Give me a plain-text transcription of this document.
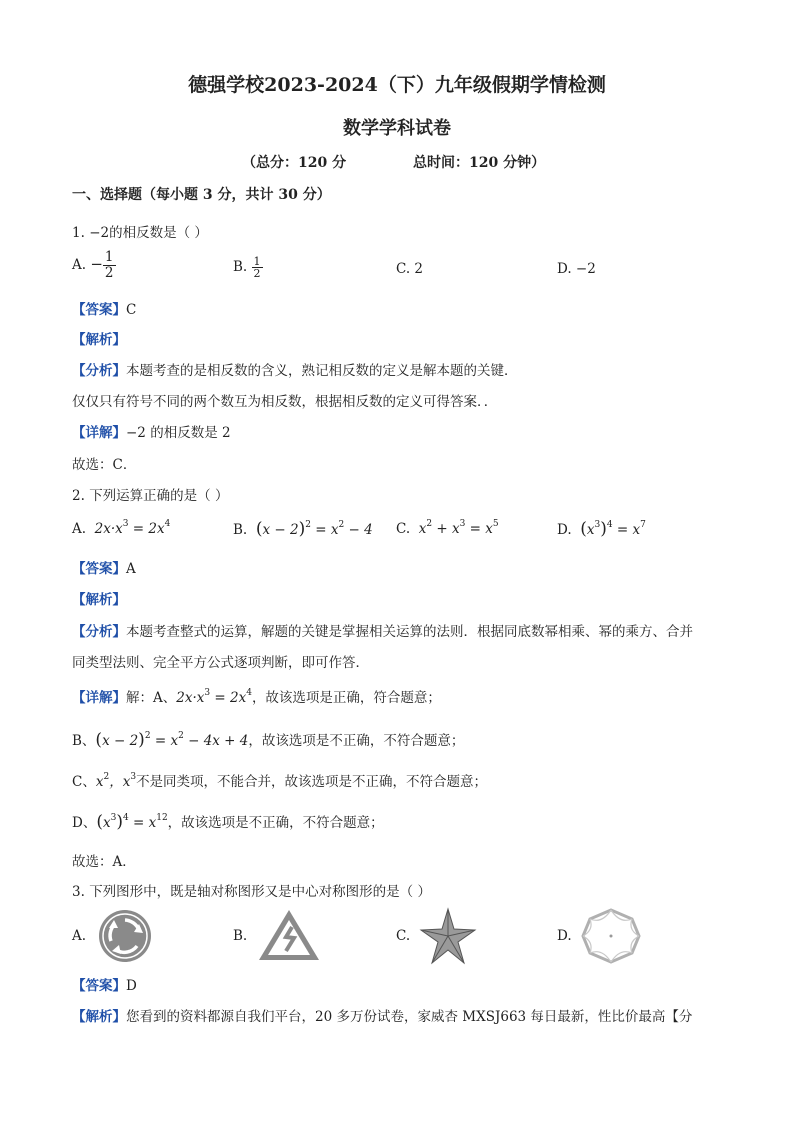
德强学校2023-2024（下）九年级假期学情检测
数学学科试卷
（总分：120 分	总时间：120 分钟）
一、选择题（每小题 3 分，共计 30 分）
1. −2的相反数是（ ）
A. − $\frac{1}{2}$	B. $\frac{1}{2}$	C. 2	D. −2
【答案】C
【解析】
【分析】本题考查的是相反数的含义，熟记相反数的定义是解本题的关键．
仅仅只有符号不同的两个数互为相反数，根据相反数的定义可得答案．．
【详解】−2 的相反数是 2
故选：C．
2. 下列运算正确的是（ ）
A.  $2x\cdot x^3 = 2x^4$	B. $(x - 2)^2 = x^2 - 4$ C.  $x^2 + x^3 = x^5$	D. $(x^3)^4 = x^7$
【答案】A
【解析】
【分析】本题考查整式的运算，解题的关键是掌握相关运算的法则．根据同底数幂相乘、幂的乘方、合并
同类型法则、完全平方公式逐项判断，即可作答．
【详解】解：A、$2x\cdot x^3 = 2x^4$，故该选项是正确，符合题意；
B、$(x - 2)^2 = x^2 - 4x + 4$，故该选项是不正确，不符合题意；
C、$x^2$，$x^3$不是同类项，不能合并，故该选项是不正确，不符合题意；
D、$(x^3)^4 = x^{12}$，故该选项是不正确，不符合题意；
故选：A．
3. 下列图形中，既是轴对称图形又是中心对称图形的是（ ）
A.	B.	C.	D.
【答案】D
【解析】您看到的资料都源自我们平台，20 多万份试卷，家威杏 MXSJ663 每日最新，性比价最高【分
